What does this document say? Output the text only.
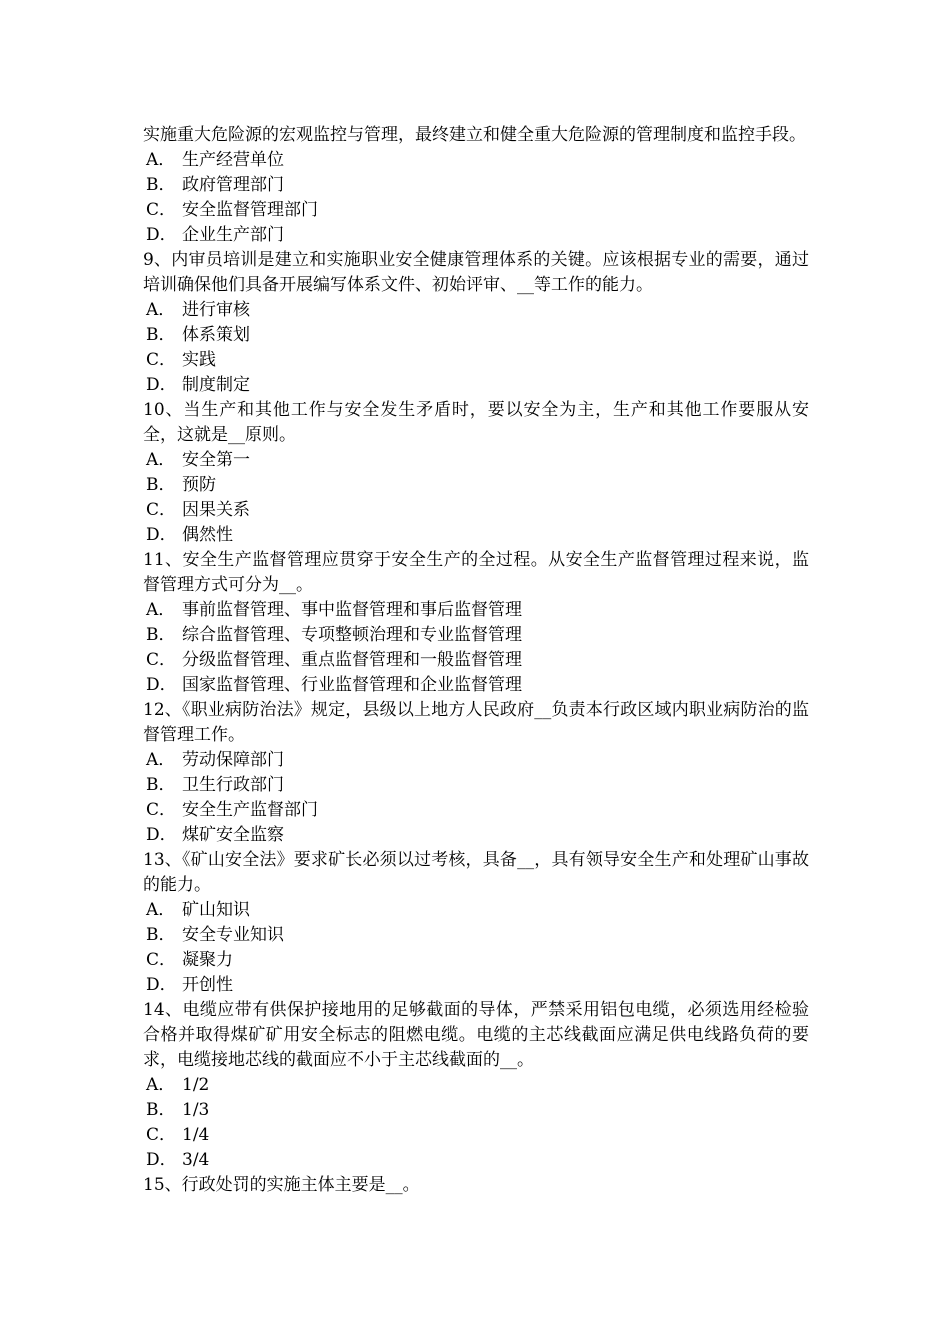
实施重大危险源的宏观监控与管理，最终建立和健全重大危险源的管理制度和监控手段。

A． 生产经营单位

B． 政府管理部门

C． 安全监督管理部门

D． 企业生产部门

9、内审员培训是建立和实施职业安全健康管理体系的关键。应该根据专业的需要，通过培训确保他们具备开展编写体系文件、初始评审、__等工作的能力。

A． 进行审核

B． 体系策划

C． 实践

D． 制度制定

10、当生产和其他工作与安全发生矛盾时，要以安全为主，生产和其他工作要服从安全，这就是__原则。

A． 安全第一

B． 预防

C． 因果关系

D． 偶然性

11、安全生产监督管理应贯穿于安全生产的全过程。从安全生产监督管理过程来说，监督管理方式可分为__。

A． 事前监督管理、事中监督管理和事后监督管理

B． 综合监督管理、专项整顿治理和专业监督管理

C． 分级监督管理、重点监督管理和一般监督管理

D． 国家监督管理、行业监督管理和企业监督管理

12、《职业病防治法》规定，县级以上地方人民政府__负责本行政区域内职业病防治的监督管理工作。

A． 劳动保障部门

B． 卫生行政部门

C． 安全生产监督部门

D． 煤矿安全监察

13、《矿山安全法》要求矿长必须以过考核，具备__，具有领导安全生产和处理矿山事故的能力。

A． 矿山知识

B． 安全专业知识

C． 凝聚力

D． 开创性

14、电缆应带有供保护接地用的足够截面的导体，严禁采用铝包电缆，必须选用经检验合格并取得煤矿矿用安全标志的阻燃电缆。电缆的主芯线截面应满足供电线路负荷的要求，电缆接地芯线的截面应不小于主芯线截面的__。

A． 1/2

B． 1/3

C． 1/4

D． 3/4

15、行政处罚的实施主体主要是__。
